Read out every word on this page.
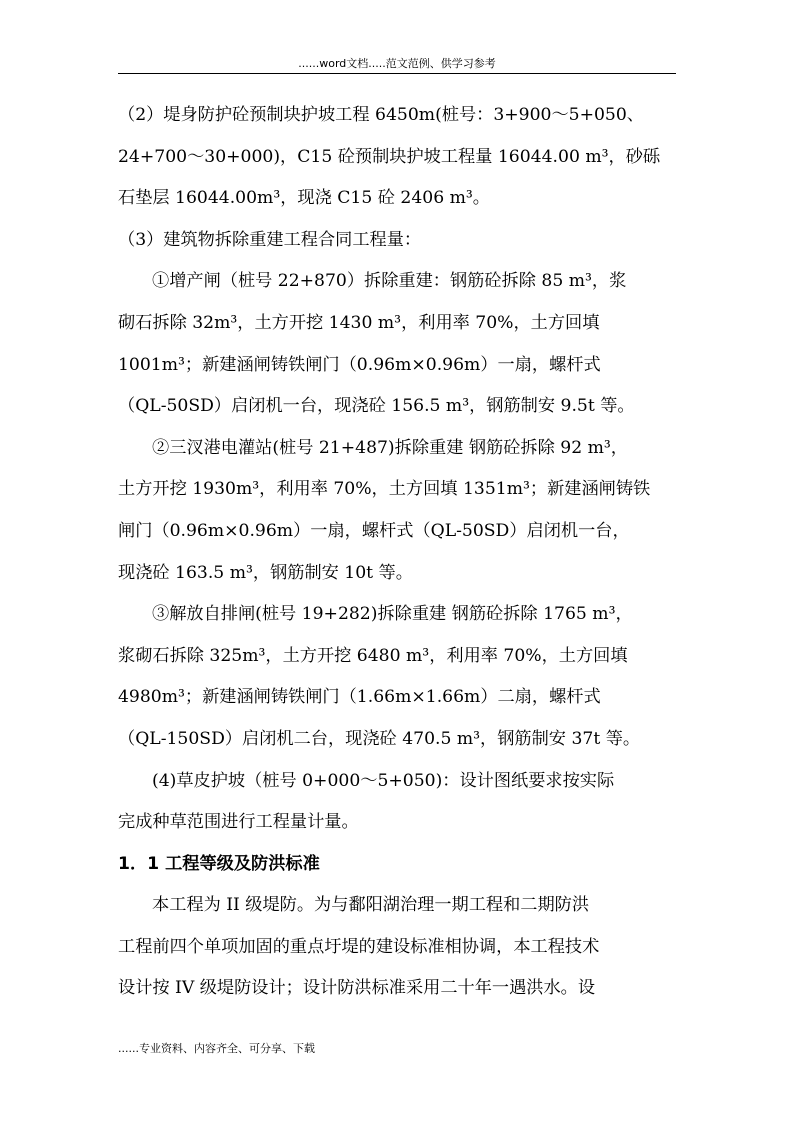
......word文档.....范文范例、供学习参考
（2）堤身防护砼预制块护坡工程 6450m(桩号：3+900～5+050、
24+700～30+000)，C15 砼预制块护坡工程量 16044.00 m³，砂砾
石垫层 16044.00m³，现浇 C15 砼 2406 m³。
（3）建筑物拆除重建工程合同工程量：
①增产闸（桩号 22+870）拆除重建：钢筋砼拆除 85 m³，浆
砌石拆除 32m³，土方开挖 1430 m³，利用率 70%，土方回填
1001m³；新建涵闸铸铁闸门（0.96m×0.96m）一扇，螺杆式
（QL-50SD）启闭机一台，现浇砼 156.5 m³，钢筋制安 9.5t 等。
②三汊港电灌站(桩号 21+487)拆除重建 钢筋砼拆除 92 m³，
土方开挖 1930m³，利用率 70%，土方回填 1351m³；新建涵闸铸铁
闸门（0.96m×0.96m）一扇，螺杆式（QL-50SD）启闭机一台，
现浇砼 163.5 m³，钢筋制安 10t 等。
③解放自排闸(桩号 19+282)拆除重建 钢筋砼拆除 1765 m³，
浆砌石拆除 325m³，土方开挖 6480 m³，利用率 70%，土方回填
4980m³；新建涵闸铸铁闸门（1.66m×1.66m）二扇，螺杆式
（QL-150SD）启闭机二台，现浇砼 470.5 m³，钢筋制安 37t 等。
(4)草皮护坡（桩号 0+000～5+050)：设计图纸要求按实际
完成种草范围进行工程量计量。
1．1 工程等级及防洪标准
本工程为 II 级堤防。为与鄱阳湖治理一期工程和二期防洪
工程前四个单项加固的重点圩堤的建设标准相协调，本工程技术
设计按 IV 级堤防设计；设计防洪标准采用二十年一遇洪水。设
......专业资料、内容齐全、可分享、下载
